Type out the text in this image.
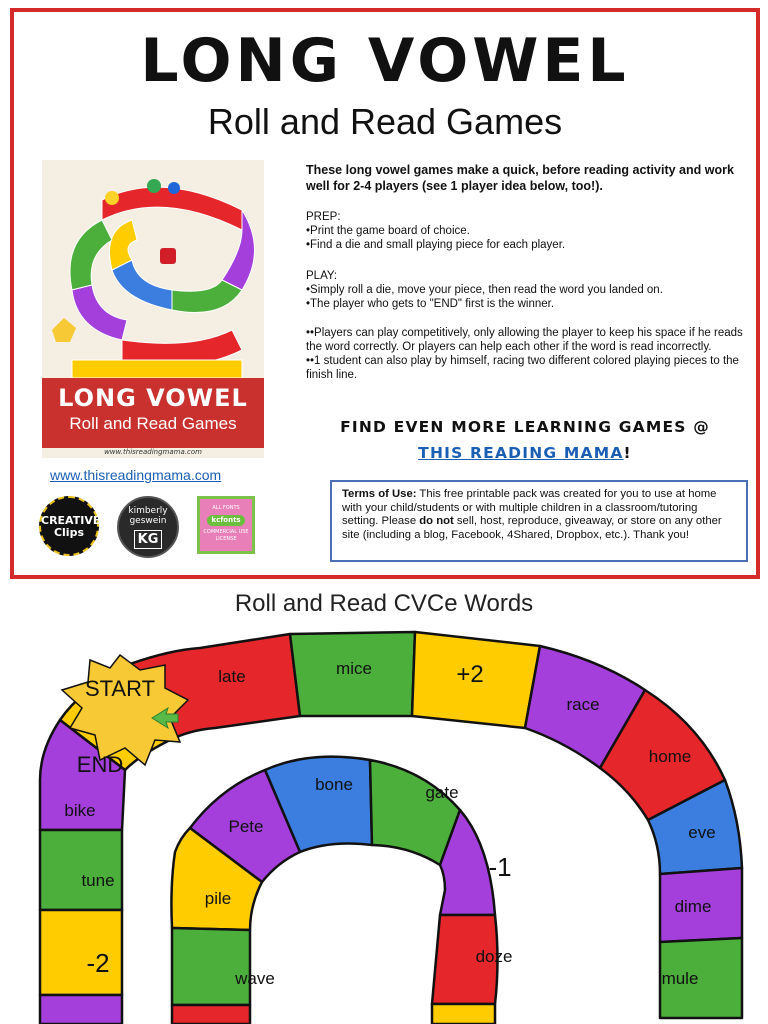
LONG VOWEL
Roll and Read Games
LONG VOWEL
Roll and Read Games
www.thisreadingmama.com
www.thisreadingmama.com
CREATIVE
Clips
kimberly
geswein
KG
ALL FONTS
kcfonts
COMMERCIAL USE
LICENSE
These long vowel games make a quick, before reading activity and work well for 2-4 players (see 1 player idea below, too!).
PREP:
•Print the game board of choice.
•Find a die and small playing piece for each player.
PLAY:
•Simply roll a die, move your piece, then read the word you landed on.
•The player who gets to "END" first is the winner.
••Players can play competitively, only allowing the player to keep his space if he reads the word correctly. Or players can help each other if the word is read incorrectly.
••1 student can also play by himself, racing two different colored playing pieces to the finish line.
FIND EVEN MORE LEARNING GAMES @
THIS READING MAMA!
Terms of Use: This free printable pack was created for you to use at home with your child/students or with multiple children in a classroom/tutoring setting. Please do not sell, host, reproduce, giveaway, or store on any other site (including a blog, Facebook, 4Shared, Dropbox, etc.). Thank you!
Roll and Read CVCe Words
START
END
late	mice	+2
race
home
eve
dime
mule
bike
tune
-2
bone	gate
Pete
-1
pile
doze
wave
